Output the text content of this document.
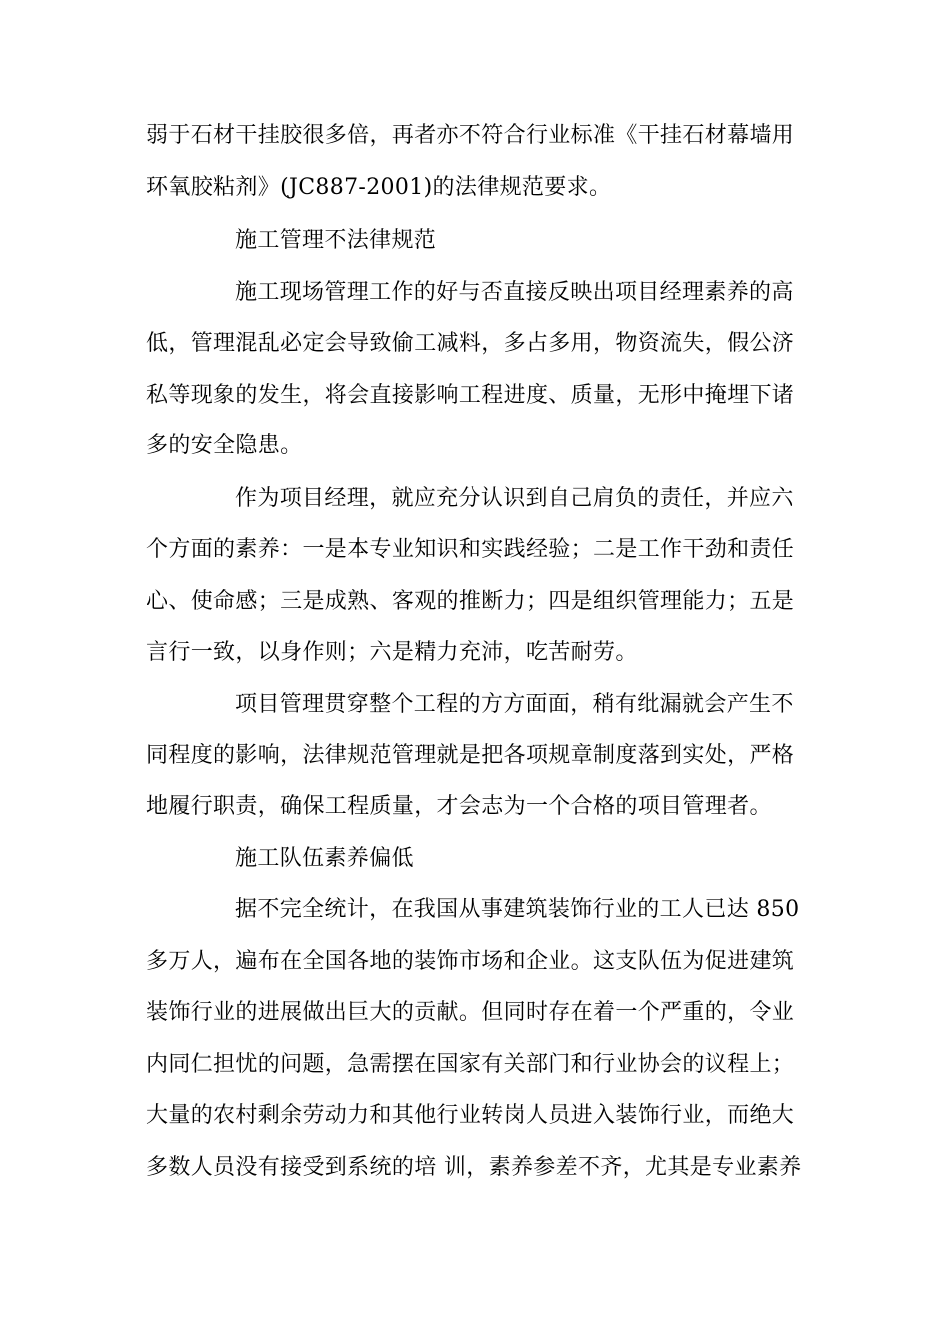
弱于石材干挂胶很多倍，再者亦不符合行业标准《干挂石材幕墙用
环氧胶粘剂》(JC887-2001)的法律规范要求。
施工管理不法律规范
施工现场管理工作的好与否直接反映出项目经理素养的高
低，管理混乱必定会导致偷工减料，多占多用，物资流失，假公济
私等现象的发生，将会直接影响工程进度、质量，无形中掩埋下诸
多的安全隐患。
作为项目经理，就应充分认识到自己肩负的责任，并应六
个方面的素养：一是本专业知识和实践经验；二是工作干劲和责任
心、使命感；三是成熟、客观的推断力；四是组织管理能力；五是
言行一致，以身作则；六是精力充沛，吃苦耐劳。
项目管理贯穿整个工程的方方面面，稍有纰漏就会产生不
同程度的影响，法律规范管理就是把各项规章制度落到实处，严格
地履行职责，确保工程质量，才会志为一个合格的项目管理者。
施工队伍素养偏低
据不完全统计，在我国从事建筑装饰行业的工人已达 850
多万人，遍布在全国各地的装饰市场和企业。这支队伍为促进建筑
装饰行业的进展做出巨大的贡献。但同时存在着一个严重的，令业
内同仁担忧的问题，急需摆在国家有关部门和行业协会的议程上；
大量的农村剩余劳动力和其他行业转岗人员进入装饰行业，而绝大
多数人员没有接受到系统的培 训，素养参差不齐，尤其是专业素养
